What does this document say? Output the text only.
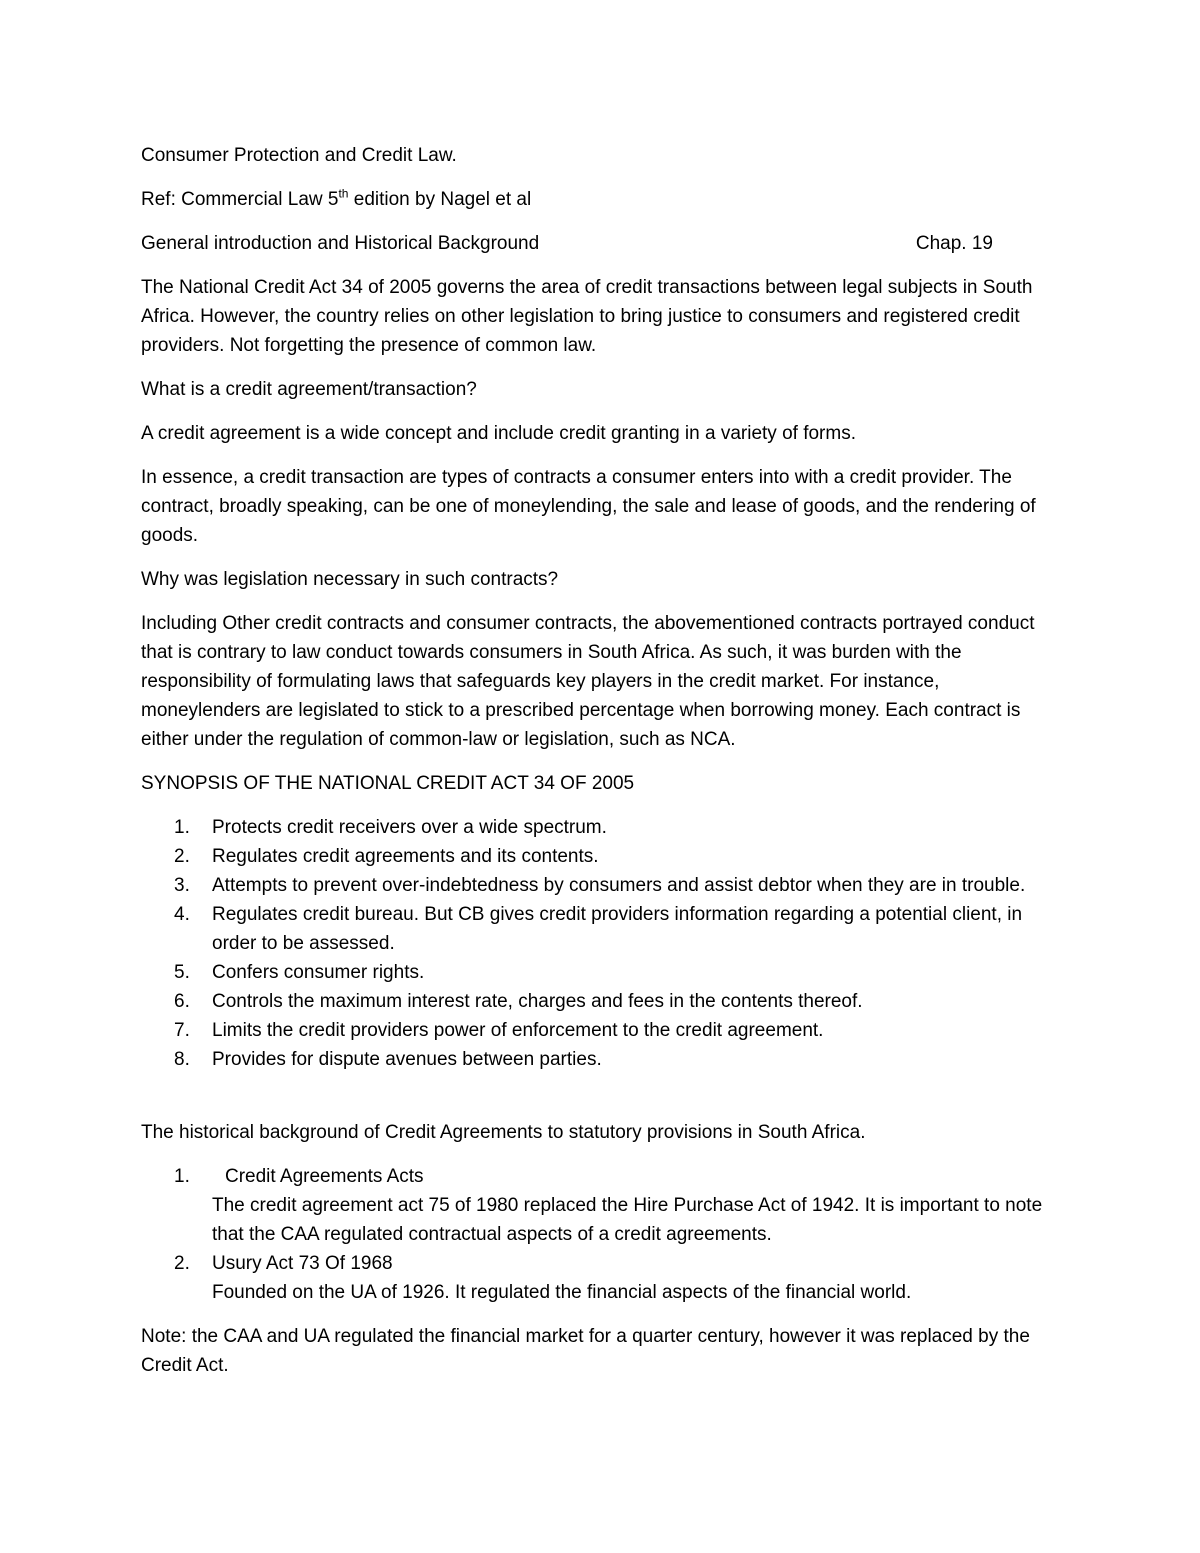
Consumer Protection and Credit Law.

Ref: Commercial Law 5th edition by Nagel et al

General introduction and Historical Background	Chap. 19

The National Credit Act 34 of 2005 governs the area of credit transactions between legal subjects in South Africa. However, the country relies on other legislation to bring justice to consumers and registered credit providers. Not forgetting the presence of common law.

What is a credit agreement/transaction?

A credit agreement is a wide concept and include credit granting in a variety of forms.

In essence, a credit transaction are types of contracts a consumer enters into with a credit provider. The contract, broadly speaking, can be one of moneylending, the sale and lease of goods, and the rendering of goods.

Why was legislation necessary in such contracts?

Including Other credit contracts and consumer contracts, the abovementioned contracts portrayed conduct that is contrary to law conduct towards consumers in South Africa. As such, it was burden with the responsibility of formulating laws that safeguards key players in the credit market. For instance, moneylenders are legislated to stick to a prescribed percentage when borrowing money. Each contract is either under the regulation of common-law or legislation, such as NCA.

SYNOPSIS OF THE NATIONAL CREDIT ACT 34 OF 2005

1. Protects credit receivers over a wide spectrum.
2. Regulates credit agreements and its contents.
3. Attempts to prevent over-indebtedness by consumers and assist debtor when they are in trouble.
4. Regulates credit bureau. But CB gives credit providers information regarding a potential client, in order to be assessed.
5. Confers consumer rights.
6. Controls the maximum interest rate, charges and fees in the contents thereof.
7. Limits the credit providers power of enforcement to the credit agreement.
8. Provides for dispute avenues between parties.

The historical background of Credit Agreements to statutory provisions in South Africa.

1.	Credit Agreements Acts
The credit agreement act 75 of 1980 replaced the Hire Purchase Act of 1942. It is important to note that the CAA regulated contractual aspects of a credit agreements.
2. Usury Act 73 Of 1968
Founded on the UA of 1926. It regulated the financial aspects of the financial world.

Note: the CAA and UA regulated the financial market for a quarter century, however it was replaced by the Credit Act.
